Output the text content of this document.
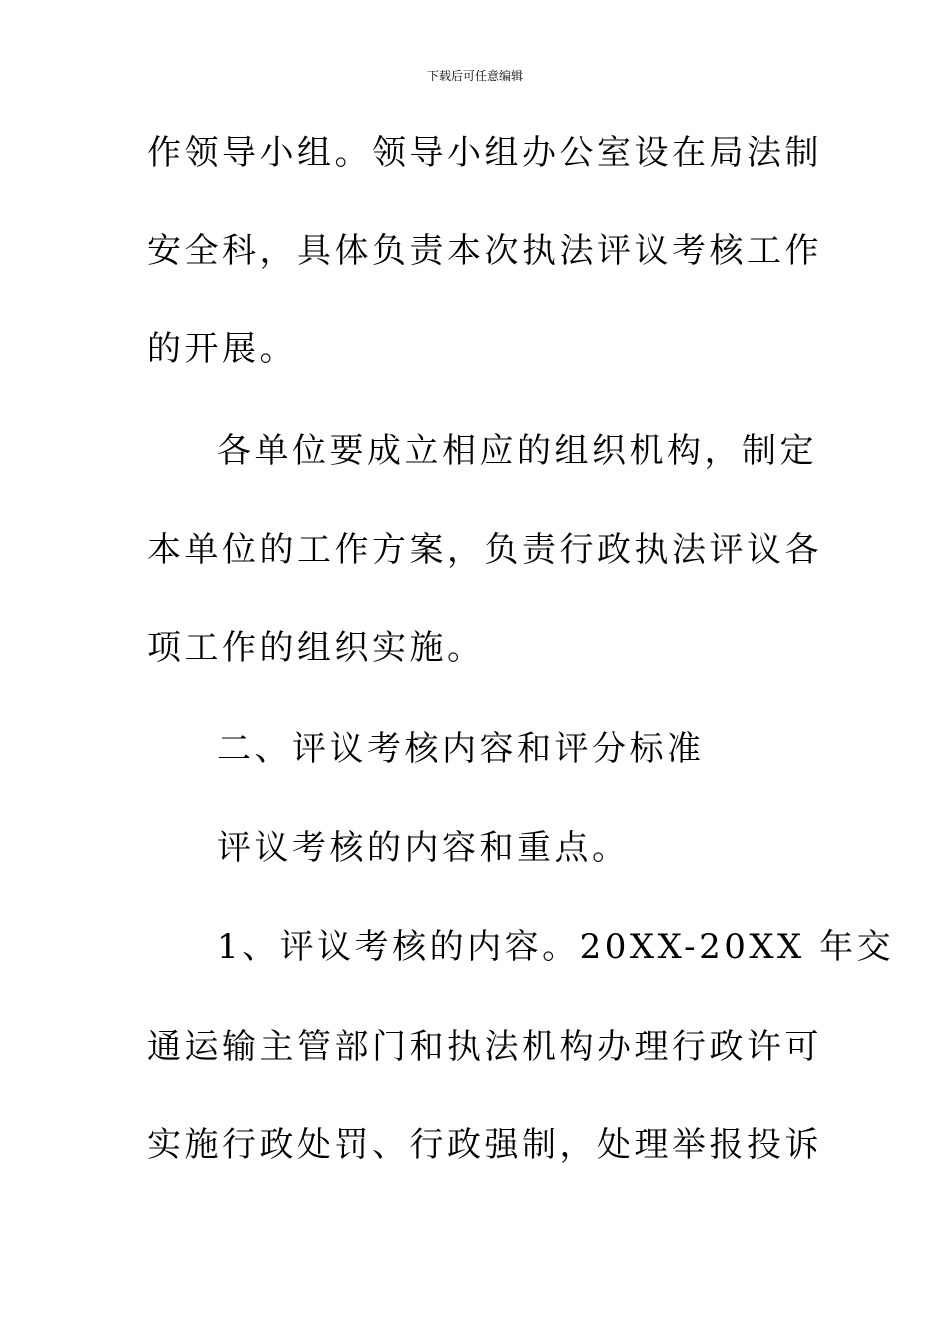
下载后可任意编辑
作领导小组。领导小组办公室设在局法制
安全科，具体负责本次执法评议考核工作
的开展。
各单位要成立相应的组织机构，制定
本单位的工作方案，负责行政执法评议各
项工作的组织实施。
二、评议考核内容和评分标准
评议考核的内容和重点。
1、评议考核的内容。20XX-20XX 年交
通运输主管部门和执法机构办理行政许可
实施行政处罚、行政强制，处理举报投诉
